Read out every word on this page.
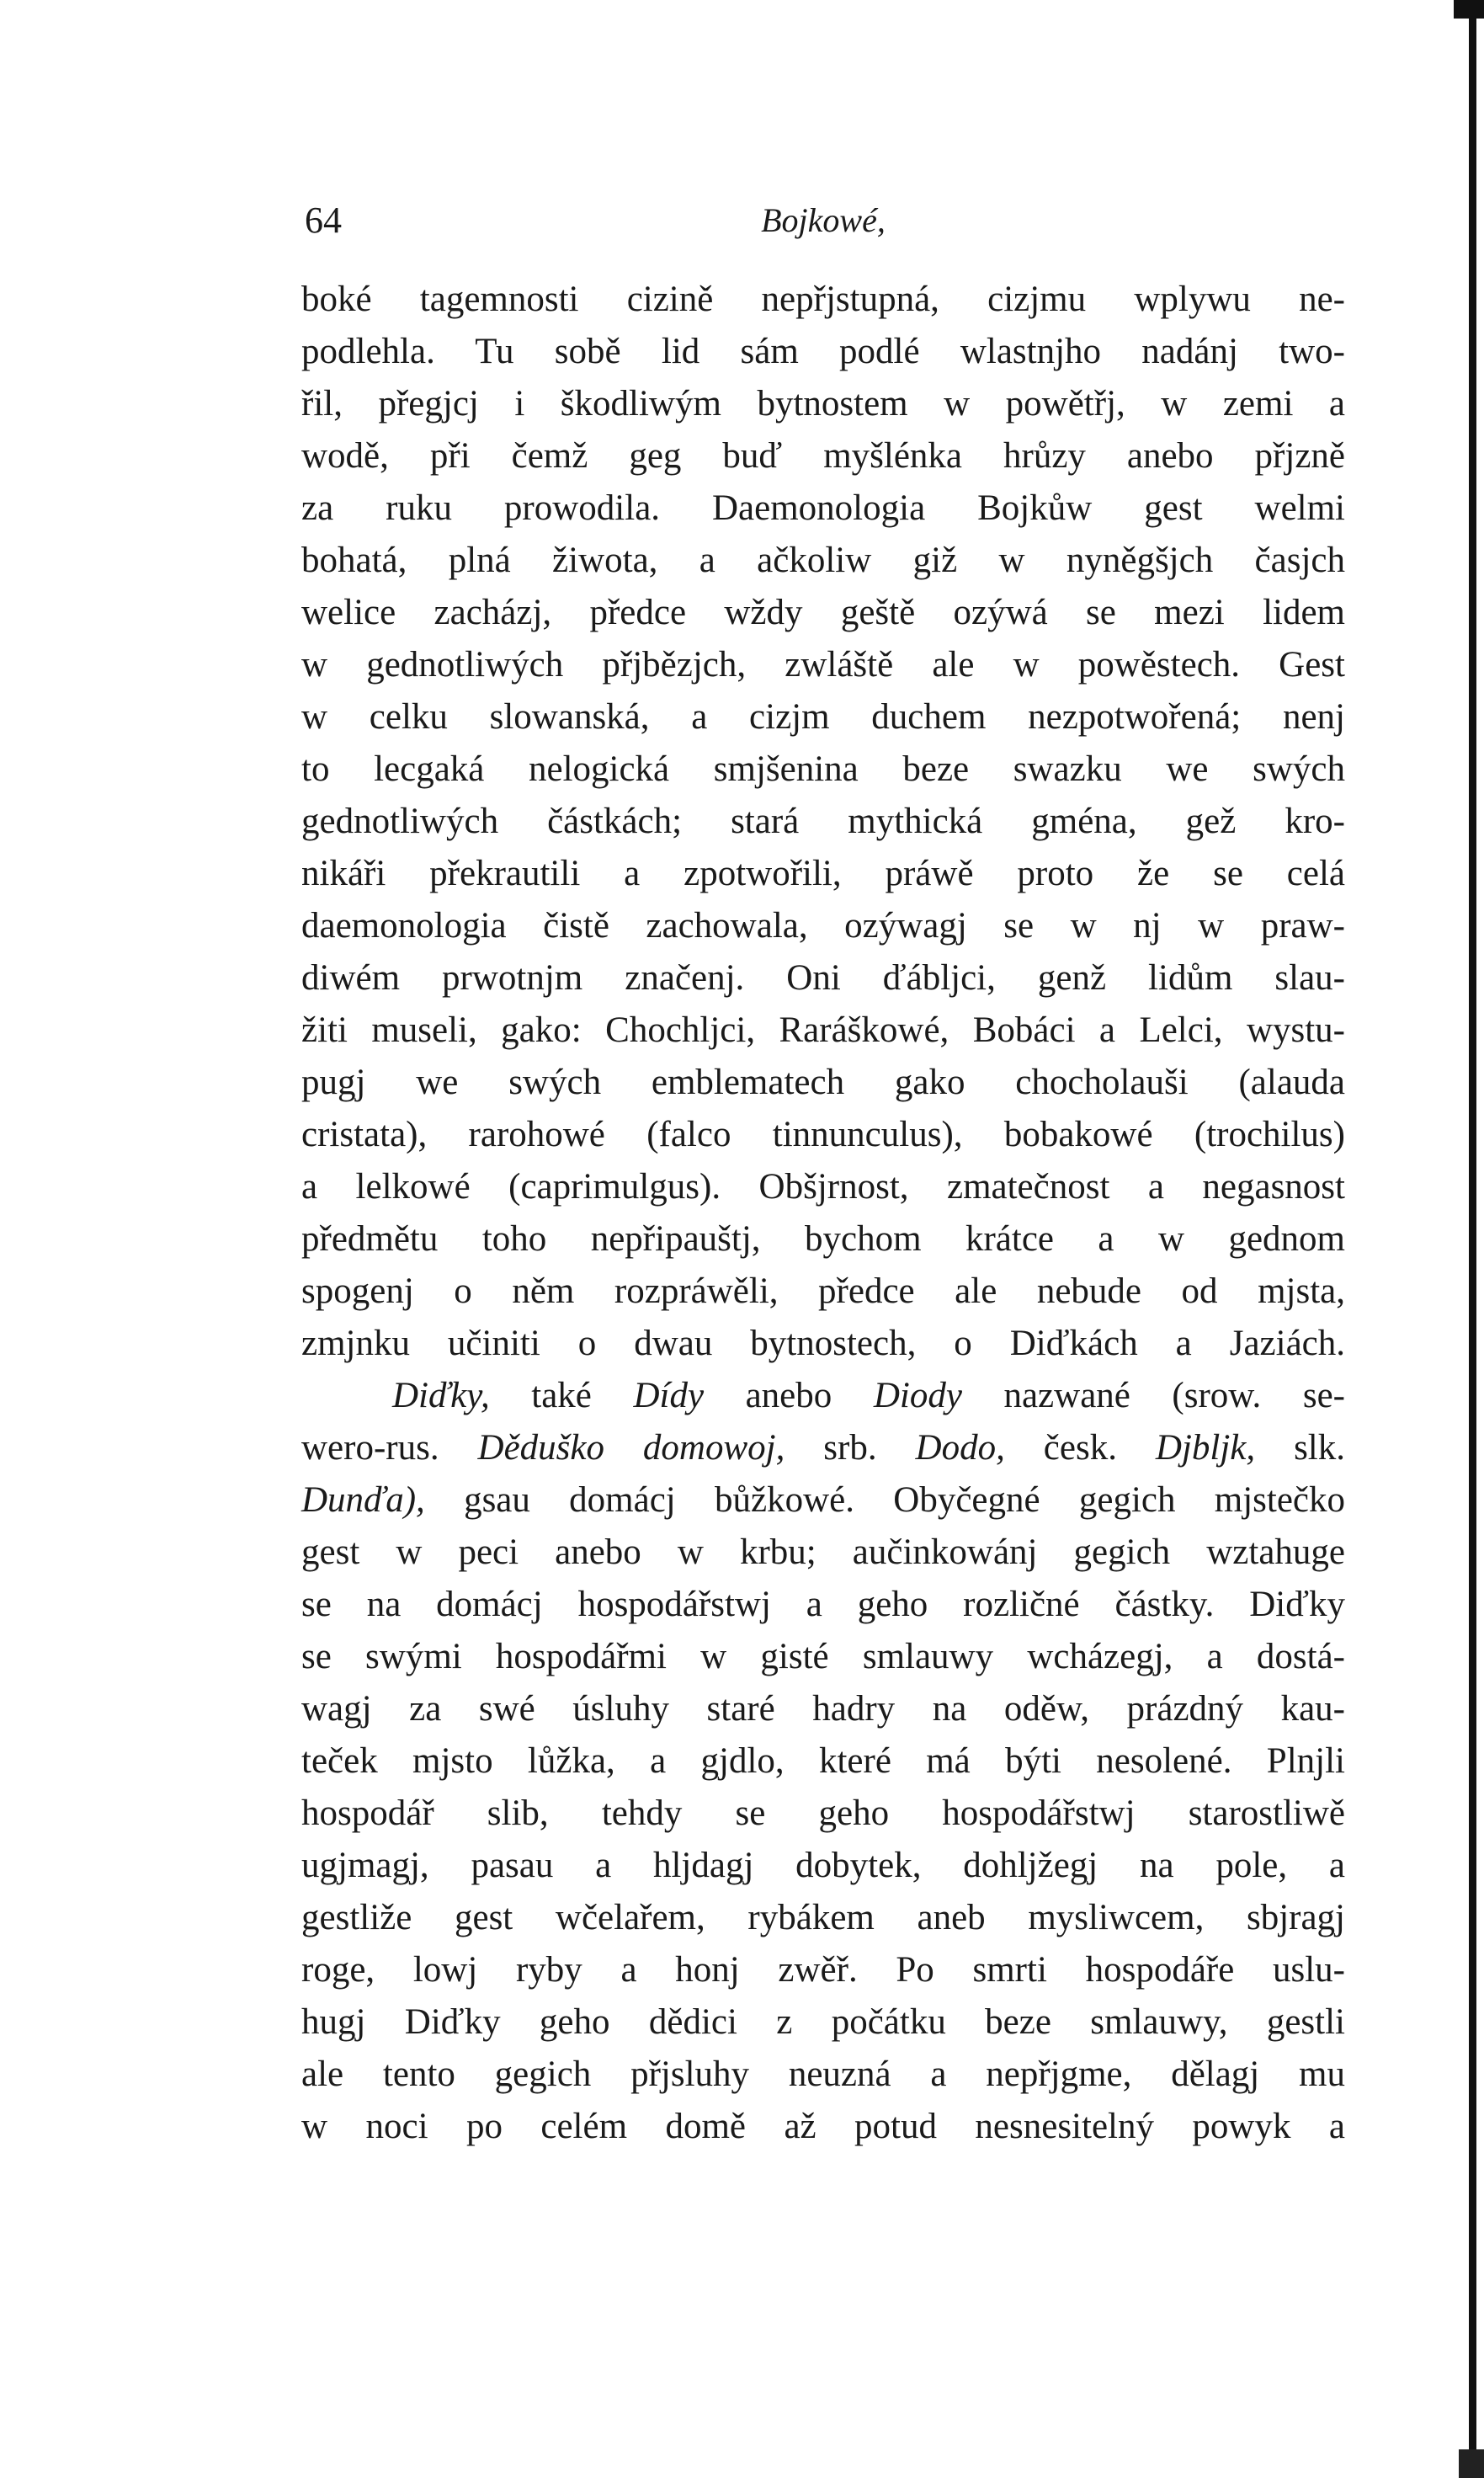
64	Bojkowé,
boké tagemnosti cizině nepřjstupná, cizjmu wplywu ne-
podlehla. Tu sobě lid sám podlé wlastnjho nadánj two-
řil, přegjcj i škodliwým bytnostem w powětřj, w zemi a
wodě, při čemž geg buď myšlénka hrůzy anebo přjzně
za ruku prowodila. Daemonologia Bojkůw gest welmi
bohatá, plná žiwota, a ačkoliw giž w nyněgšjch časjch
welice zacházj, předce wždy geště ozýwá se mezi lidem
w gednotliwých přjbězjch, zwláště ale w powěstech. Gest
w celku slowanská, a cizjm duchem nezpotwořená; nenj
to lecgaká nelogická smjšenina beze swazku we swých
gednotliwých částkách; stará mythická gména, gež kro-
nikáři překrautili a zpotwořili, práwě proto že se celá
daemonologia čistě zachowala, ozýwagj se w nj w praw-
diwém prwotnjm značenj. Oni ďáblјci, genž lidům slau-
žiti museli, gako: Chochljci, Raráškowé, Bobáci a Lelci, wystu-
pugj we swých emblematech gako chocholauši (alauda
cristata), rarohowé (falco tinnunculus), bobakowé (trochilus)
a lelkowé (caprimulgus). Obšjrnost, zmatečnost a negasnost
předmětu toho nepřipauštj, bychom krátce a w gednom
spogenj o něm rozpráwěli, předce ale nebude od mjsta,
zmjnku učiniti o dwau bytnostech, o Diďkách a Jaziách.
Diďky, také Dídy anebo Diody nazwané (srow. se-
wero-rus. Děduško domowoj, srb. Dodo, česk. Djbljk, slk.
Dunďa), gsau domácj bůžkowé. Obyčegné gegich mjstečko
gest w peci anebo w krbu; aučinkowánj gegich wztahuge
se na domácj hospodářstwj a geho rozličné částky. Diďky
se swými hospodářmi w gisté smlauwy wcházegj, a dostá-
wagj za swé úsluhy staré hadry na oděw, prázdný kau-
teček mjsto lůžka, a gjdlo, které má býti nesolené. Plnjli
hospodář slib, tehdy se geho hospodářstwj starostliwě
ugjmagj, pasau a hljdagj dobytek, dohljžegj na pole, a
gestliže gest wčelařem, rybákem aneb mysliwcem, sbjragj
roge, lowj ryby a honj zwěř. Po smrti hospodáře uslu-
hugj Diďky geho dědici z počátku beze smlauwy, gestli
ale tento gegich přjsluhy neuzná a nepřjgme, dělagj mu
w noci po celém domě až potud nesnesitelný powyk a
